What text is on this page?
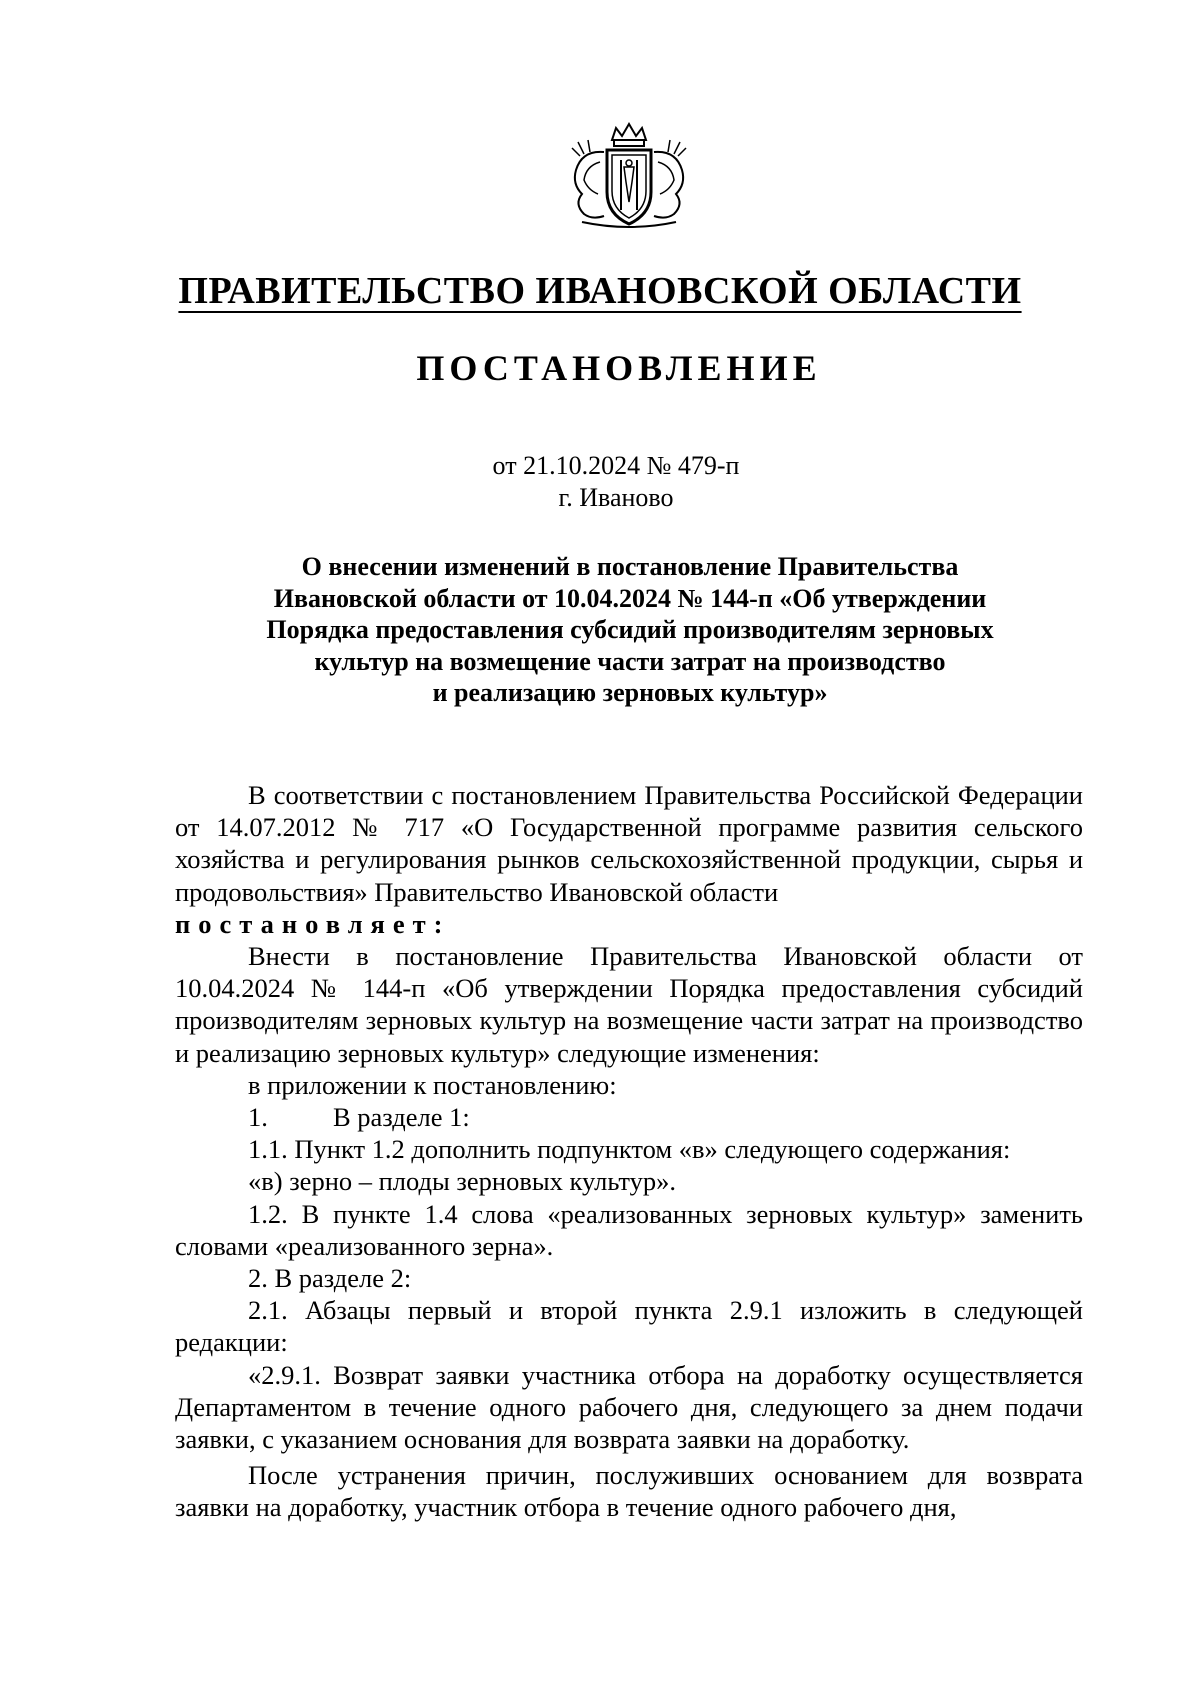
ПРАВИТЕЛЬСТВО ИВАНОВСКОЙ ОБЛАСТИ
ПОСТАНОВЛЕНИЕ
от 21.10.2024 № 479-п
г. Иваново
О внесении изменений в постановление Правительства
Ивановской области от 10.04.2024 № 144-п «Об утверждении
Порядка предоставления субсидий производителям зерновых
культур на возмещение части затрат на производство
и реализацию зерновых культур»

В соответствии с постановлением Правительства Российской Федерации от 14.07.2012 № 717 «О Государственной программе развития сельского хозяйства и регулирования рынков сельскохозяйственной продукции, сырья и продовольствия» Правительство Ивановской области

постановляет:

Внести в постановление Правительства Ивановской области от 10.04.2024 № 144-п «Об утверждении Порядка предоставления субсидий производителям зерновых культур на возмещение части затрат на производство и реализацию зерновых культур» следующие изменения:

в приложении к постановлению:

1. В разделе 1:

1.1. Пункт 1.2 дополнить подпунктом «в» следующего содержания:

«в) зерно – плоды зерновых культур».

1.2. В пункте 1.4 слова «реализованных зерновых культур» заменить словами «реализованного зерна».

2. В разделе 2:

2.1. Абзацы первый и второй пункта 2.9.1 изложить в следующей редакции:

«2.9.1. Возврат заявки участника отбора на доработку осуществляется Департаментом в течение одного рабочего дня, следующего за днем подачи заявки, с указанием основания для возврата заявки на доработку.

После устранения причин, послуживших основанием для возврата заявки на доработку, участник отбора в течение одного рабочего дня,
